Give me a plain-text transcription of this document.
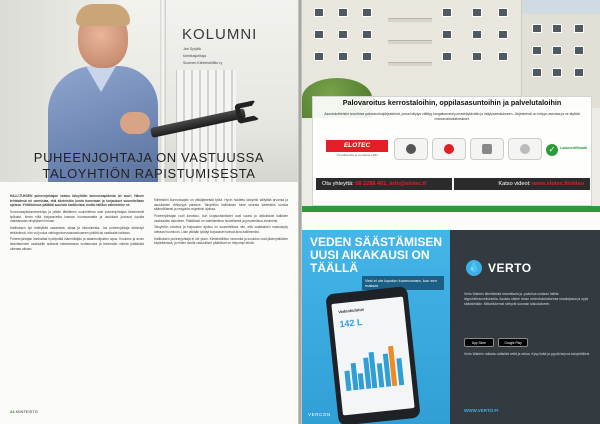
KOLUMNI
Jari Syrjälä
toimitusjohtaja
Suomen Kiinteistöliitto ry
PUHEENJOHTAJA ON VASTUUSSA
TALOYHTIÖN RAPISTUMISESTA

HALLITUKSEN puheenjohtajan vastuu taloyhtiön kunnossapidosta on suuri. Hänen tehtävänsä on varmistaa, että kiinteistön kunto tunnetaan ja korjaukset suunnitellaan ajoissa. Yhtiökokous päättää suurista hankkeista, mutta hallitus valmistelee ne.

Kunnossapitotarveselvitys ja pitkän tähtäimen suunnitelma ovat puheenjohtajan tärkeimmät työkalut. Ilman niitä korjausvelka kasvaa huomaamatta ja asukkaat joutuvat lopulta maksamaan viivytyksen hinnan.

Hallituksen työ edellyttää osaamista, aikaa ja sitoutumista. Jos puheenjohtaja laiminlyö tehtävänsä, hän voi joutua vahingonkorvausvastuuseen yhtiötä tai osakkaita kohtaan.

Puheenjohtajan kannattaa hyödyntää isännöitsijän ja asiantuntijoiden apua. Koulutus ja avoin tiedottaminen osakkaille auttavat rakentamaan luottamusta ja tekemään oikeita päätöksiä oikeaan aikaan.

Kiinteistön kunnossapito on pitkäjänteistä työtä. Hyvin hoidettu taloyhtiö säilyttää arvonsa ja asukkaiden viihtyvyys paranee. Taloyhtiön hallituksen tulee seurata kiinteistön kuntoa säännöllisesti ja reagoida ongelmiin ajoissa.

Puheenjohtajan rooli korostuu, kun korjaushankkeet ovat suuria ja vaikuttavat kaikkien osakkaiden talouteen. Päätökset on valmisteltava huolellisesti ja perusteltava avoimesti.

Taloyhtiön rahoitus ja korjausten ajoitus on suunniteltava niin, että osakkaiden maksukyky otetaan huomioon. Liian pitkään lykätyt korjaukset tulevat aina kalliimmiksi.

Hallituksen puheenjohtaja ei ole yksin. Kiinteistöliiton neuvonta ja koulutus ovat jäsenyhtiöiden käytettävissä, ja niiden avulla vastuulliset päätökset on helpompi tehdä.

24 KIINTEISTÖ
Palovaroitus kerrostaloihin, oppilasasuntoihin ja palvelutaloihin
Asuntokohteisiin soveltuva palovaroitusjärjestelmä, jossa hälytys välittyy langattomasti porraskäytävään ja hälytyskeskukseen. Järjestelmä on helppo asentaa ja se täyttää viranomaisvaatimukset.
ELOTEC
Turvallisuutta jo vuodesta 1984
✓	Laatusertifikaatti
Ota yhteyttä: 08 2288 401, info@elotec.fi	Katso videot: www.elotec.fi/video
VEDEN SÄÄSTÄMISEN
UUSI AIKAKAUSI ON
TÄÄLLÄ
Vesi ei ole loputon luonnonvara, kun sen maksat
Vedenkulutus
142 L
VERCON
💧 VERTO

Verto Waterin lähettämää vesimittaria ja -palvelua voidaan hallita älypuhelinsovelluksella. Asukas näkee oman vedenkulutuksensa reaaliajassa ja oppii säästämään. Mittarilukemat siirtyvät suoraan laskutukseen.

App Store	Google Play
Verto Waterin ratkaisu säästää vettä ja rahaa. Kysy lisää ja pyydä tarjous taloyhtiöllesi.
WWW.VERTO.FI
